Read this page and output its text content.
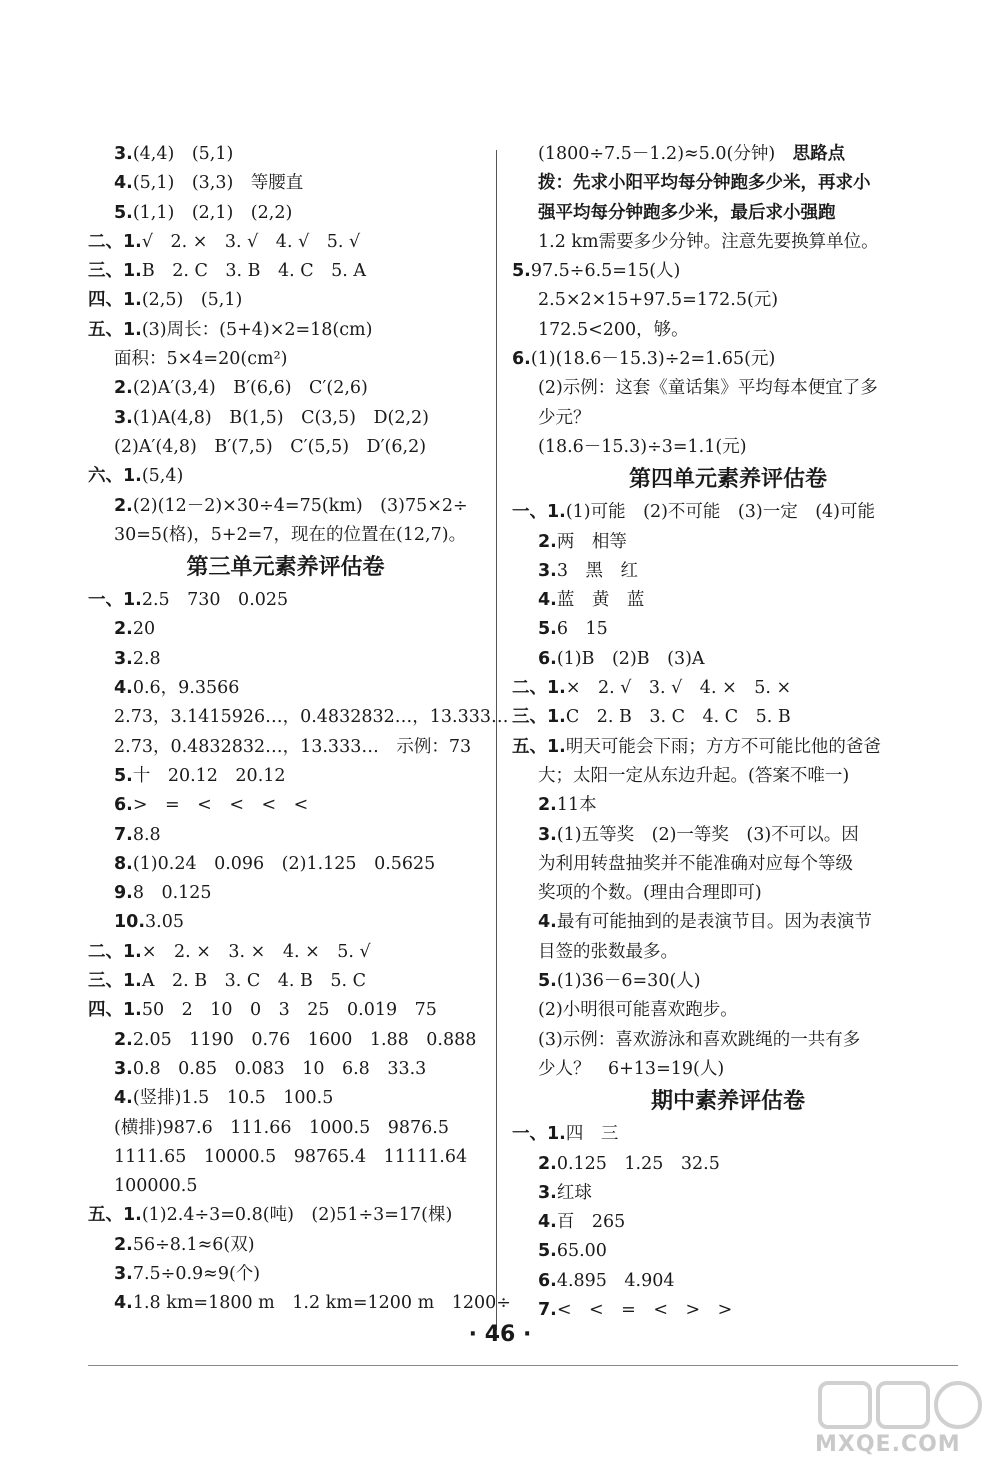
3.(4,4)　(5,1)
4.(5,1)　(3,3)　等腰直
5.(1,1)　(2,1)　(2,2)
二、1.√　2. ×　3. √　4. √　5. √
三、1.B　2. C　3. B　4. C　5. A
四、1.(2,5)　(5,1)
五、1.(3)周长：(5+4)×2=18(cm)
面积：5×4=20(cm²)
2.(2)A′(3,4)　B′(6,6)　C′(2,6)
3.(1)A(4,8)　B(1,5)　C(3,5)　D(2,2)
(2)A′(4,8)　B′(7,5)　C′(5,5)　D′(6,2)
六、1.(5,4)
2.(2)(12－2)×30÷4=75(km)　(3)75×2÷
30=5(格)，5+2=7，现在的位置在(12,7)。
第三单元素养评估卷
一、1.2.5　730　0.025
2.20
3.2.8
4.0.6，9.3566
2.73，3.1415926…，0.4832832…，13.333…
2.73，0.4832832…，13.333…　示例：73
5.十　20.12　20.12
6.>　=　<　<　<　<
7.8.8
8.(1)0.24　0.096　(2)1.125　0.5625
9.8　0.125
10.3.05
二、1.×　2. ×　3. ×　4. ×　5. √
三、1.A　2. B　3. C　4. B　5. C
四、1.50　2　10　0　3　25　0.019　75
2.2.05　1190　0.76　1600　1.88　0.888
3.0.8　0.85　0.083　10　6.8　33.3
4.(竖排)1.5　10.5　100.5
(横排)987.6　111.66　1000.5　9876.5
1111.65　10000.5　98765.4　11111.64
100000.5
五、1.(1)2.4÷3=0.8(吨)　(2)51÷3=17(棵)
2.56÷8.1≈6(双)
3.7.5÷0.9≈9(个)
4.1.8 km=1800 m　1.2 km=1200 m　1200÷
(1800÷7.5－1.2)≈5.0(分钟)　思路点
拨：先求小阳平均每分钟跑多少米，再求小
强平均每分钟跑多少米，最后求小强跑
1.2 km需要多少分钟。注意先要换算单位。
5.97.5÷6.5=15(人)
2.5×2×15+97.5=172.5(元)
172.5<200，够。
6.(1)(18.6－15.3)÷2=1.65(元)
(2)示例：这套《童话集》平均每本便宜了多
少元？
(18.6－15.3)÷3=1.1(元)
第四单元素养评估卷
一、1.(1)可能　(2)不可能　(3)一定　(4)可能
2.两　相等
3.3　黑　红
4.蓝　黄　蓝
5.6　15
6.(1)B　(2)B　(3)A
二、1.×　2. √　3. √　4. ×　5. ×
三、1.C　2. B　3. C　4. C　5. B
五、1.明天可能会下雨；方方不可能比他的爸爸
大；太阳一定从东边升起。(答案不唯一)
2.11本
3.(1)五等奖　(2)一等奖　(3)不可以。因
为利用转盘抽奖并不能准确对应每个等级
奖项的个数。(理由合理即可)
4.最有可能抽到的是表演节目。因为表演节
目签的张数最多。
5.(1)36－6=30(人)
(2)小明很可能喜欢跑步。
(3)示例：喜欢游泳和喜欢跳绳的一共有多
少人？　6+13=19(人)
期中素养评估卷
一、1.四　三
2.0.125　1.25　32.5
3.红球
4.百　265
5.65.00
6.4.895　4.904
7.<　<　=　<　>　>
· 46 ·
MXQE.COM
